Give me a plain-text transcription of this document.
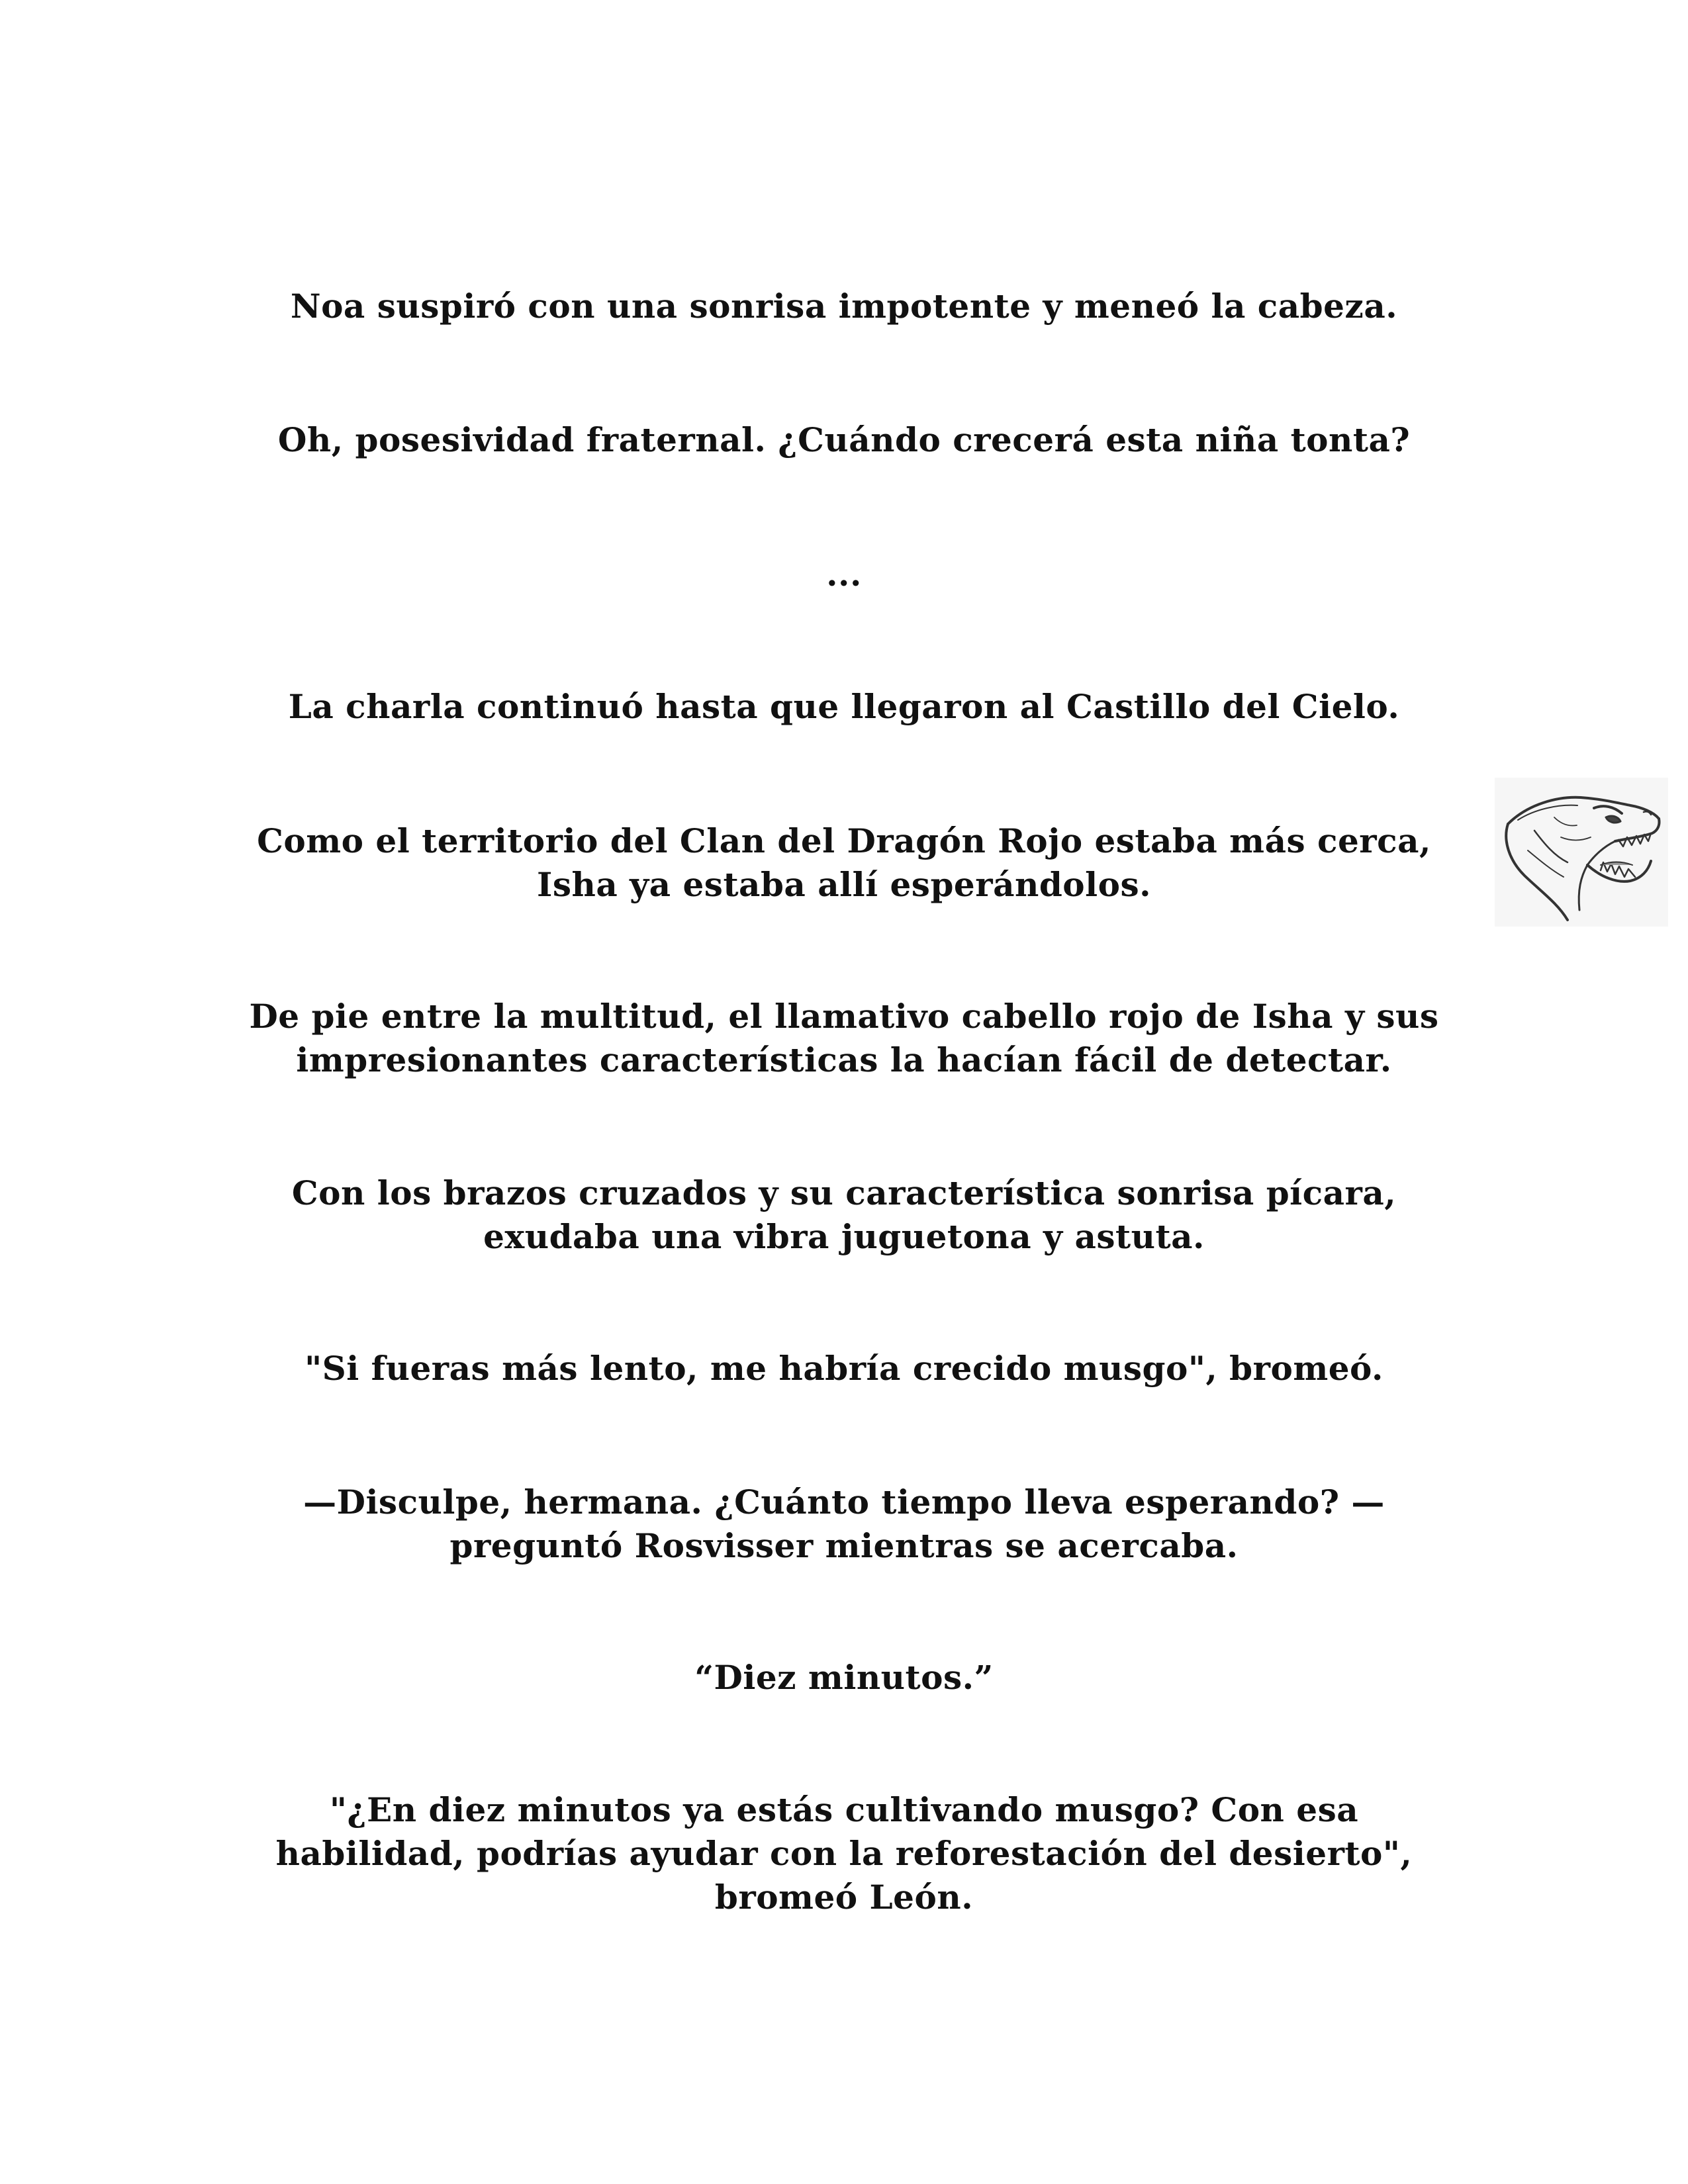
Noa suspiró con una sonrisa impotente y meneó la cabeza.

Oh, posesividad fraternal. ¿Cuándo crecerá esta niña tonta?

...

La charla continuó hasta que llegaron al Castillo del Cielo.

Como el territorio del Clan del Dragón Rojo estaba más cerca,
Isha ya estaba allí esperándolos.

De pie entre la multitud, el llamativo cabello rojo de Isha y sus
impresionantes características la hacían fácil de detectar.

Con los brazos cruzados y su característica sonrisa pícara,
exudaba una vibra juguetona y astuta.

"Si fueras más lento, me habría crecido musgo", bromeó.

—Disculpe, hermana. ¿Cuánto tiempo lleva esperando? —
preguntó Rosvisser mientras se acercaba.

“Diez minutos.”

"¿En diez minutos ya estás cultivando musgo? Con esa
habilidad, podrías ayudar con la reforestación del desierto",
bromeó León.
